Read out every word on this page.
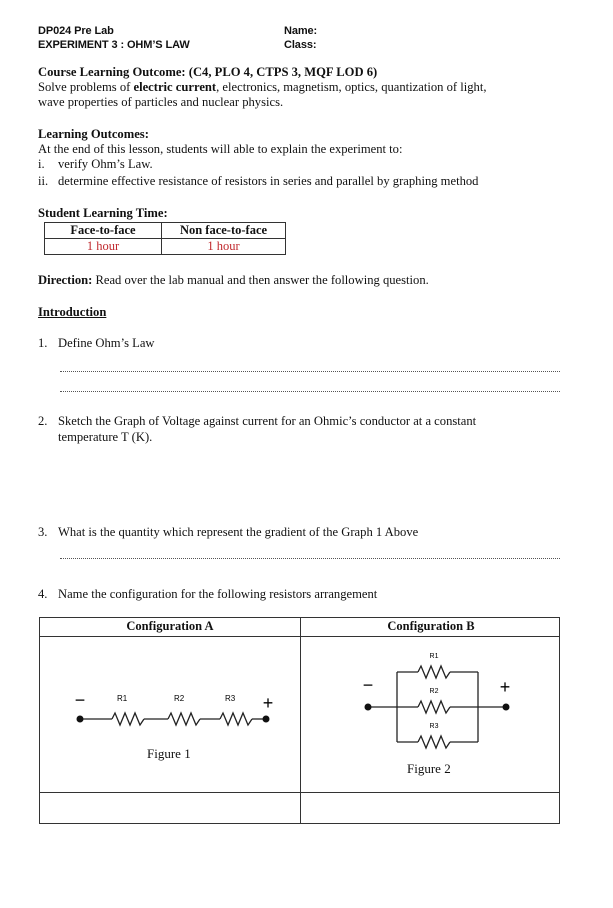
DP024 Pre Lab
EXPERIMENT 3 : OHM’S LAW
Name:
Class:
Course Learning Outcome: (C4, PLO 4, CTPS 3, MQF LOD 6)
Solve problems of electric current, electronics, magnetism, optics, quantization of light,
wave properties of particles and nuclear physics.
Learning Outcomes:
At the end of this lesson, students will able to explain the experiment to:
i. verify Ohm’s Law.
ii. determine effective resistance of resistors in series and parallel by graphing method
Student Learning Time:
Face-to-face	Non face-to-face
1 hour	1 hour
Direction: Read over the lab manual and then answer the following question.
Introduction
1. Define Ohm’s Law
2. Sketch the Graph of Voltage against current for an Ohmic’s conductor at a constant
temperature T (K).
3. What is the quantity which represent the gradient of the Graph 1 Above
4. Name the configuration for the following resistors arrangement
Configuration A	Configuration B
−	+
R1	R2	R3
Figure 1
−	+
R1
R2
R3
Figure 2
